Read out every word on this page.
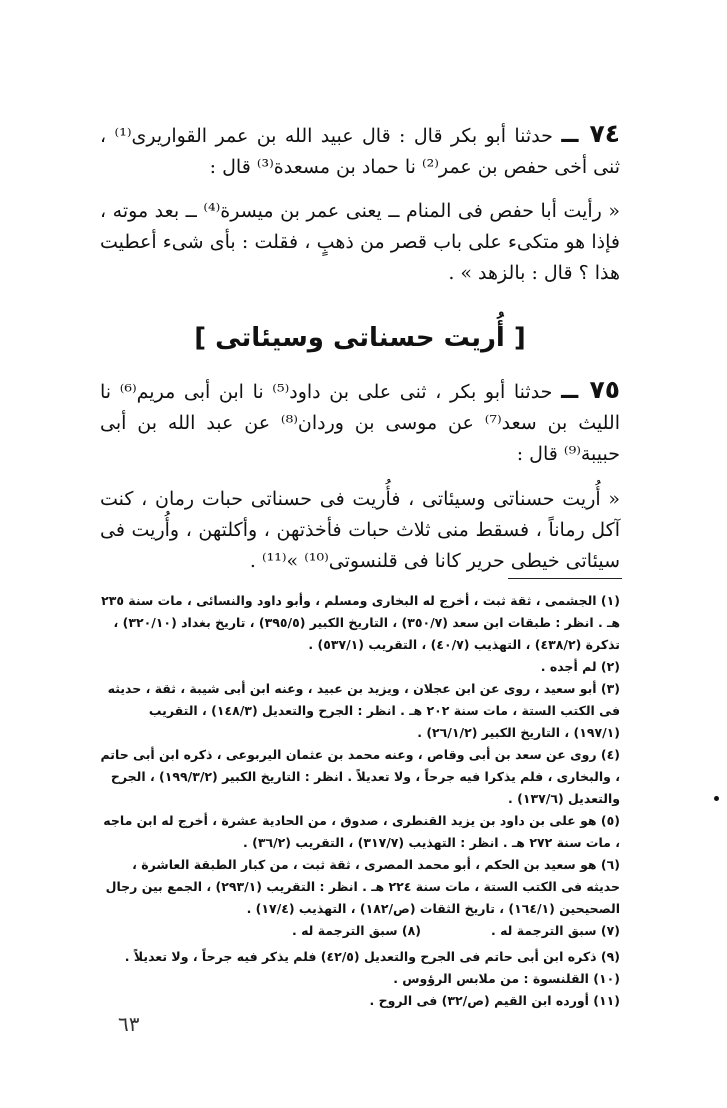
٧٤ ــ حدثنا أبو بكر قال : قال عبيد الله بن عمر القواريرى⁽¹⁾ ، ثنى أخى حفص بن عمر⁽²⁾ نا حماد بن مسعدة⁽³⁾ قال :

« رأيت أبا حفص فى المنام ــ يعنى عمر بن ميسرة⁽⁴⁾ ــ بعد موته ، فإذا هو متكىء على باب قصر من ذهبٍ ، فقلت : بأى شىء أعطيت هذا ؟ قال : بالزهد » .

[ أُريت حسناتى وسيئاتى ]

٧٥ ــ حدثنا أبو بكر ، ثنى على بن داود⁽⁵⁾ نا ابن أبى مريم⁽⁶⁾ نا الليث بن سعد⁽⁷⁾ عن موسى بن وردان⁽⁸⁾ عن عبد الله بن أبى حبيبة⁽⁹⁾ قال :

« أُريت حسناتى وسيئاتى ، فأُريت فى حسناتى حبات رمان ، كنت آكل رماناً ، فسقط منى ثلاث حبات فأخذتهن ، وأكلتهن ، وأُريت فى سيئاتى خيطى حرير كانا فى قلنسوتى⁽¹⁰⁾ »⁽¹¹⁾ .

(١) الجشمى ، ثقة ثبت ، أخرج له البخارى ومسلم ، وأبو داود والنسائى ، مات سنة ٢٣٥ هـ . انظر : طبقات ابن سعد (٣٥٠/٧) ، التاريخ الكبير (٣٩٥/٥) ، تاريخ بغداد (٣٢٠/١٠) ، تذكرة (٤٣٨/٢) ، التهذيب (٤٠/٧) ، التقريب (٥٣٧/١) .

(٢) لم أجده .

(٣) أبو سعيد ، روى عن ابن عجلان ، ويزيد بن عبيد ، وعنه ابن أبى شيبة ، ثقة ، حديثه فى الكتب الستة ، مات سنة ٢٠٢ هـ . انظر : الجرح والتعديل (١٤٨/٣) ، التقريب (١٩٧/١) ، التاريخ الكبير (٢٦/١/٢) .

(٤) روى عن سعد بن أبى وقاص ، وعنه محمد بن عثمان اليربوعى ، ذكره ابن أبى حاتم ، والبخارى ، فلم يذكرا فيه جرحاً ، ولا تعديلاً . انظر : التاريخ الكبير (١٩٩/٣/٢) ، الجرح والتعديل (١٣٧/٦) .

(٥) هو على بن داود بن يزيد القنطرى ، صدوق ، من الحادية عشرة ، أخرج له ابن ماجه ، مات سنة ٢٧٢ هـ . انظر : التهذيب (٣١٧/٧) ، التقريب (٣٦/٢) .

(٦) هو سعيد بن الحكم ، أبو محمد المصرى ، ثقة ثبت ، من كبار الطبقة العاشرة ، حديثه فى الكتب الستة ، مات سنة ٢٢٤ هـ . انظر : التقريب (٢٩٣/١) ، الجمع بين رجال الصحيحين (١٦٤/١) ، تاريخ الثقات (ص/١٨٢) ، التهذيب (١٧/٤) .

(٧) سبق الترجمة له .

(٨) سبق الترجمة له .

(٩) ذكره ابن أبى حاتم فى الجرح والتعديل (٤٢/٥) فلم يذكر فيه جرحاً ، ولا تعديلاً .

(١٠) القلنسوة : من ملابس الرؤوس .

(١١) أورده ابن القيم (ص/٣٢) فى الروح .

٦٣
